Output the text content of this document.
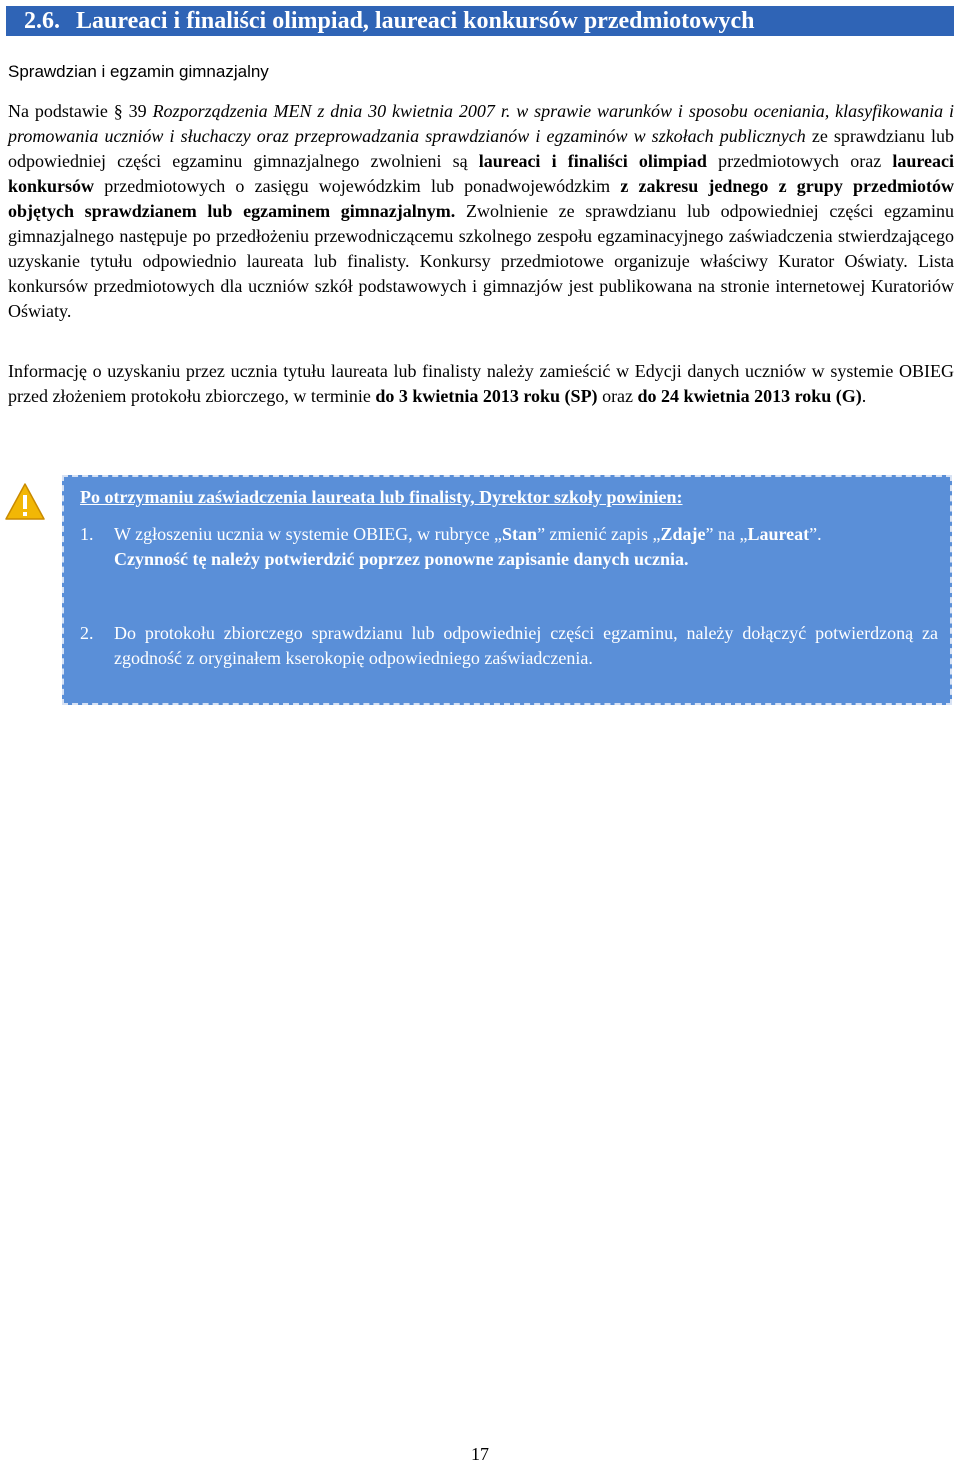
2.6. Laureaci i finaliści olimpiad, laureaci konkursów przedmiotowych
Sprawdzian i egzamin gimnazjalny
Na podstawie § 39 Rozporządzenia MEN z dnia 30 kwietnia 2007 r. w sprawie warunków i sposobu oceniania, klasyfikowania i promowania uczniów i słuchaczy oraz przeprowadzania sprawdzianów i egzaminów w szkołach publicznych ze sprawdzianu lub odpowiedniej części egzaminu gimnazjalnego zwolnieni są laureaci i finaliści olimpiad przedmiotowych oraz laureaci konkursów przedmiotowych o zasięgu wojewódzkim lub ponadwojewódzkim z zakresu jednego z grupy przedmiotów objętych sprawdzianem lub egzaminem gimnazjalnym. Zwolnienie ze sprawdzianu lub odpowiedniej części egzaminu gimnazjalnego następuje po przedłożeniu przewodniczącemu szkolnego zespołu egzaminacyjnego zaświadczenia stwierdzającego uzyskanie tytułu odpowiednio laureata lub finalisty. Konkursy przedmiotowe organizuje właściwy Kurator Oświaty. Lista konkursów przedmiotowych dla uczniów szkół podstawowych i gimnazjów jest publikowana na stronie internetowej Kuratoriów Oświaty.
Informację o uzyskaniu przez ucznia tytułu laureata lub finalisty należy zamieścić w Edycji danych uczniów w systemie OBIEG przed złożeniem protokołu zbiorczego, w terminie do 3 kwietnia 2013 roku (SP) oraz do 24 kwietnia 2013 roku (G).
Po otrzymaniu zaświadczenia laureata lub finalisty, Dyrektor szkoły powinien:
1. W zgłoszeniu ucznia w systemie OBIEG, w rubryce „Stan” zmienić zapis „Zdaje” na „Laureat”.
Czynność tę należy potwierdzić poprzez ponowne zapisanie danych ucznia.
2. Do protokołu zbiorczego sprawdzianu lub odpowiedniej części egzaminu, należy dołączyć potwierdzoną za zgodność z oryginałem kserokopię odpowiedniego zaświadczenia.
17
